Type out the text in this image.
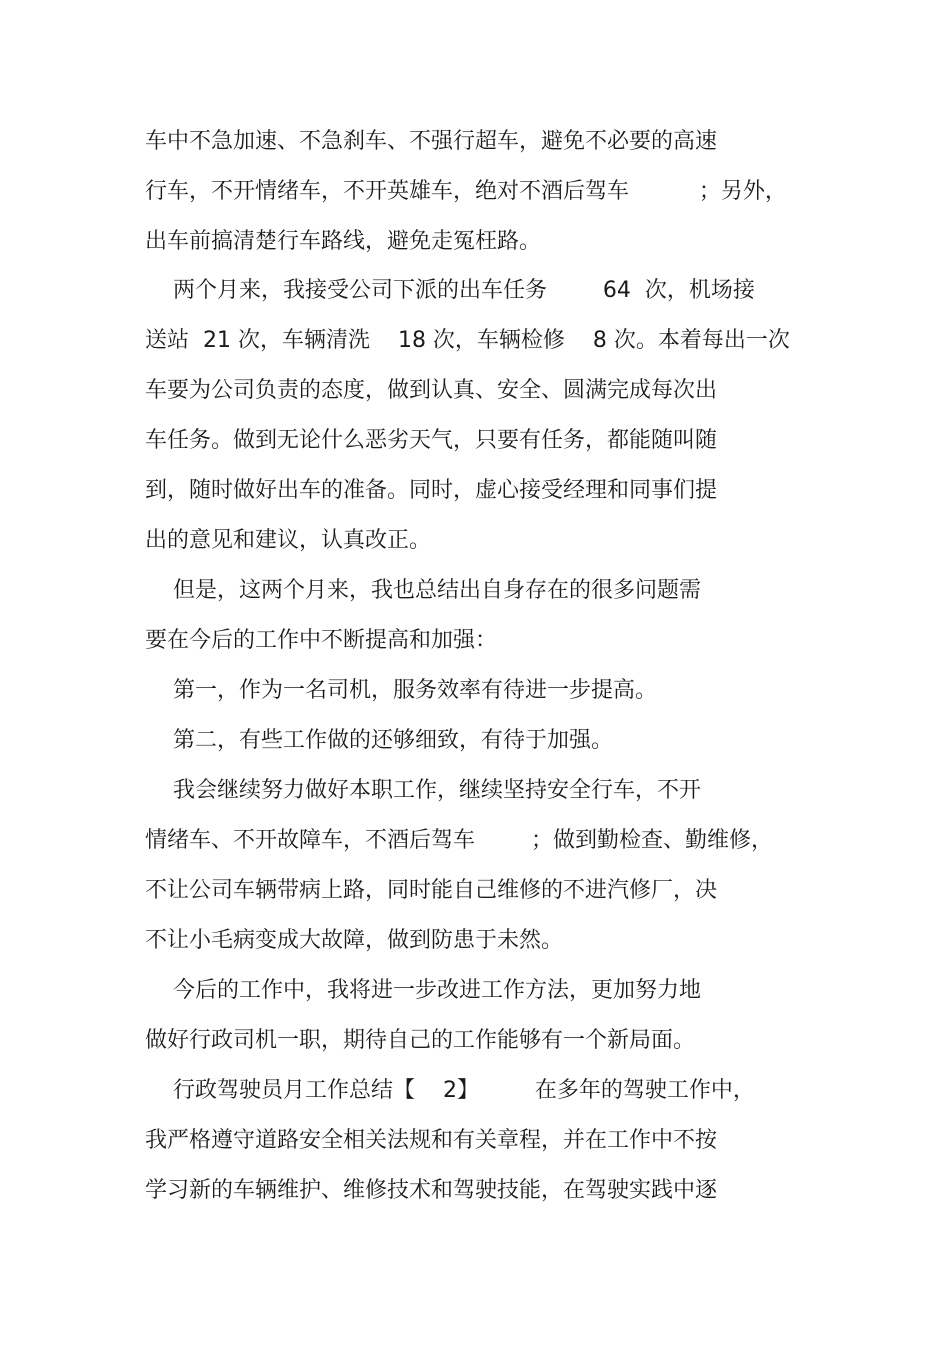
车中不急加速、不急刹车、不强行超车，避免不必要的高速
行车，不开情绪车，不开英雄车，绝对不酒后驾车          ；另外，
出车前搞清楚行车路线，避免走冤枉路。
两个月来，我接受公司下派的出车任务        64  次，机场接
送站  21 次，车辆清洗    18 次，车辆检修    8 次。本着每出一次
车要为公司负责的态度，做到认真、安全、圆满完成每次出
车任务。做到无论什么恶劣天气，只要有任务，都能随叫随
到，随时做好出车的准备。同时，虚心接受经理和同事们提
出的意见和建议，认真改正。
但是，这两个月来，我也总结出自身存在的很多问题需
要在今后的工作中不断提高和加强：
第一，作为一名司机，服务效率有待进一步提高。
第二，有些工作做的还够细致，有待于加强。
我会继续努力做好本职工作，继续坚持安全行车，不开
情绪车、不开故障车，不酒后驾车        ；做到勤检查、勤维修，
不让公司车辆带病上路，同时能自己维修的不进汽修厂，决
不让小毛病变成大故障，做到防患于未然。
今后的工作中，我将进一步改进工作方法，更加努力地
做好行政司机一职，期待自己的工作能够有一个新局面。
行政驾驶员月工作总结【    2】        在多年的驾驶工作中，
我严格遵守道路安全相关法规和有关章程，并在工作中不按
学习新的车辆维护、维修技术和驾驶技能，在驾驶实践中逐
